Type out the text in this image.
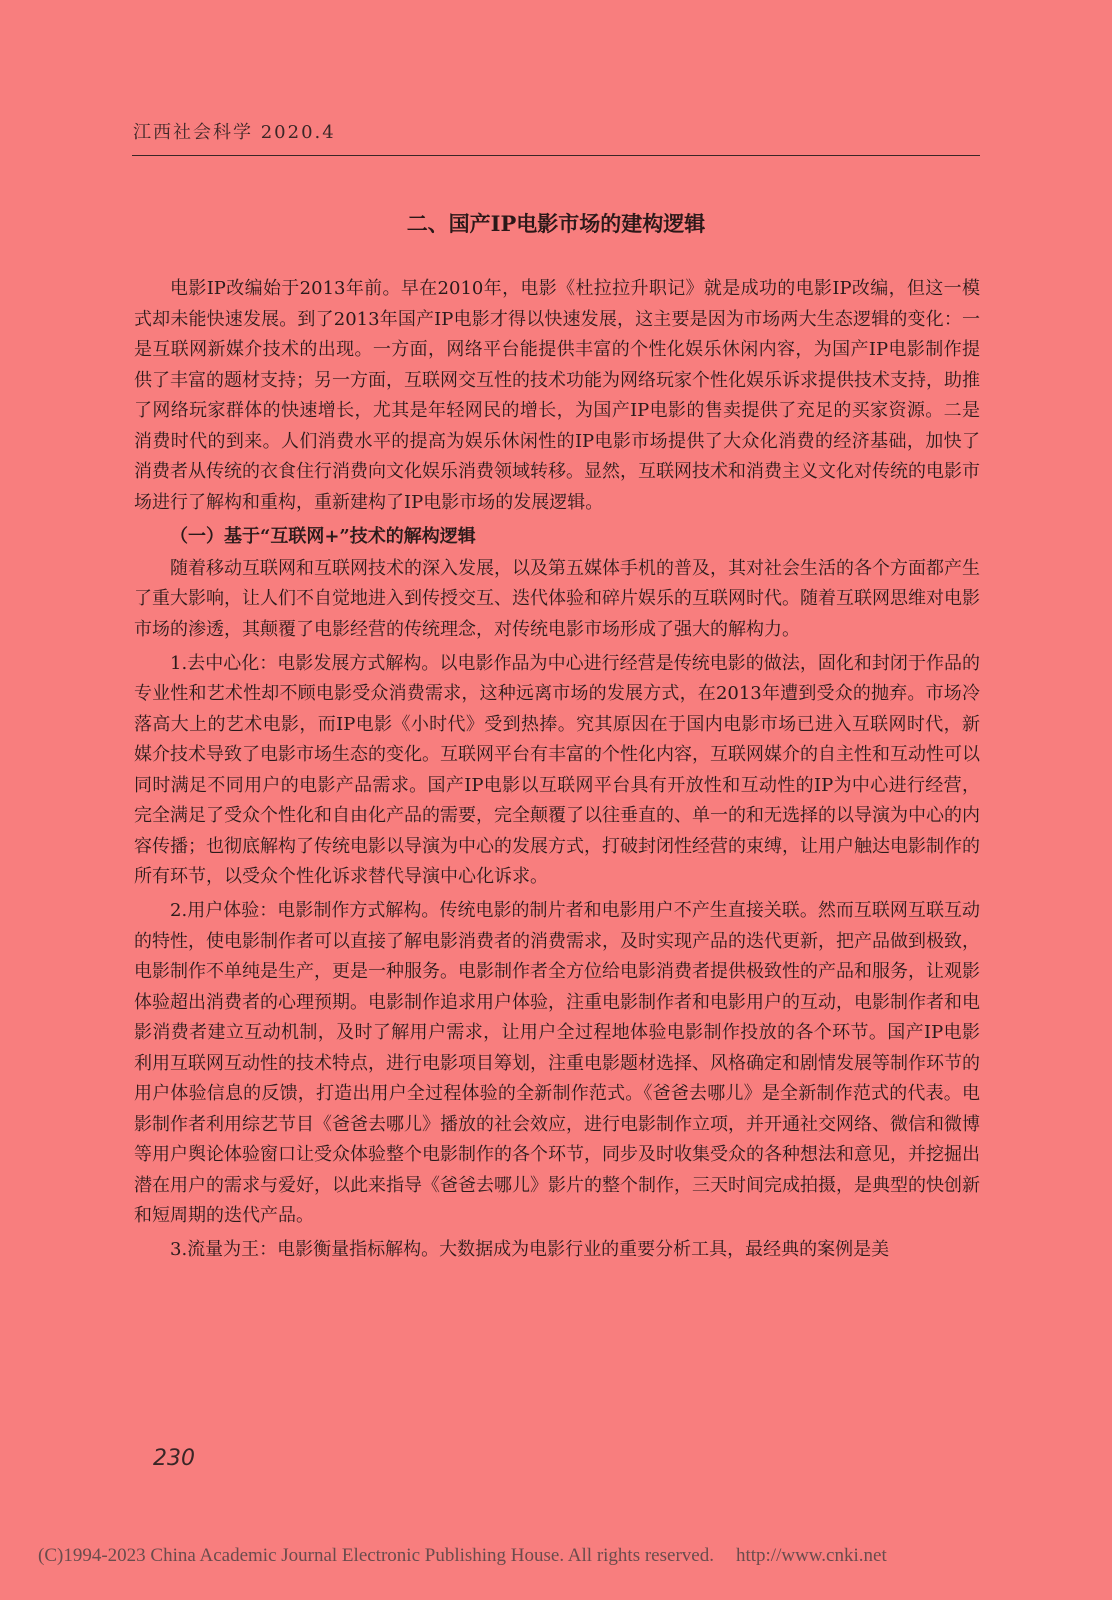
江西社会科学 2020.4
二、国产IP电影市场的建构逻辑

电影IP改编始于2013年前。早在2010年，电影《杜拉拉升职记》就是成功的电影IP改编，但这一模式却未能快速发展。到了2013年国产IP电影才得以快速发展，这主要是因为市场两大生态逻辑的变化：一是互联网新媒介技术的出现。一方面，网络平台能提供丰富的个性化娱乐休闲内容，为国产IP电影制作提供了丰富的题材支持；另一方面，互联网交互性的技术功能为网络玩家个性化娱乐诉求提供技术支持，助推了网络玩家群体的快速增长，尤其是年轻网民的增长，为国产IP电影的售卖提供了充足的买家资源。二是消费时代的到来。人们消费水平的提高为娱乐休闲性的IP电影市场提供了大众化消费的经济基础，加快了消费者从传统的衣食住行消费向文化娱乐消费领域转移。显然，互联网技术和消费主义文化对传统的电影市场进行了解构和重构，重新建构了IP电影市场的发展逻辑。

（一）基于“互联网+”技术的解构逻辑

随着移动互联网和互联网技术的深入发展，以及第五媒体手机的普及，其对社会生活的各个方面都产生了重大影响，让人们不自觉地进入到传授交互、迭代体验和碎片娱乐的互联网时代。随着互联网思维对电影市场的渗透，其颠覆了电影经营的传统理念，对传统电影市场形成了强大的解构力。

1.去中心化：电影发展方式解构。以电影作品为中心进行经营是传统电影的做法，固化和封闭于作品的专业性和艺术性却不顾电影受众消费需求，这种远离市场的发展方式，在2013年遭到受众的抛弃。市场冷落高大上的艺术电影，而IP电影《小时代》受到热捧。究其原因在于国内电影市场已进入互联网时代，新媒介技术导致了电影市场生态的变化。互联网平台有丰富的个性化内容，互联网媒介的自主性和互动性可以同时满足不同用户的电影产品需求。国产IP电影以互联网平台具有开放性和互动性的IP为中心进行经营，完全满足了受众个性化和自由化产品的需要，完全颠覆了以往垂直的、单一的和无选择的以导演为中心的内容传播；也彻底解构了传统电影以导演为中心的发展方式，打破封闭性经营的束缚，让用户触达电影制作的所有环节，以受众个性化诉求替代导演中心化诉求。

2.用户体验：电影制作方式解构。传统电影的制片者和电影用户不产生直接关联。然而互联网互联互动的特性，使电影制作者可以直接了解电影消费者的消费需求，及时实现产品的迭代更新，把产品做到极致，电影制作不单纯是生产，更是一种服务。电影制作者全方位给电影消费者提供极致性的产品和服务，让观影体验超出消费者的心理预期。电影制作追求用户体验，注重电影制作者和电影用户的互动，电影制作者和电影消费者建立互动机制，及时了解用户需求，让用户全过程地体验电影制作投放的各个环节。国产IP电影利用互联网互动性的技术特点，进行电影项目筹划，注重电影题材选择、风格确定和剧情发展等制作环节的用户体验信息的反馈，打造出用户全过程体验的全新制作范式。《爸爸去哪儿》是全新制作范式的代表。电影制作者利用综艺节目《爸爸去哪儿》播放的社会效应，进行电影制作立项，并开通社交网络、微信和微博等用户舆论体验窗口让受众体验整个电影制作的各个环节，同步及时收集受众的各种想法和意见，并挖掘出潜在用户的需求与爱好，以此来指导《爸爸去哪儿》影片的整个制作，三天时间完成拍摄，是典型的快创新和短周期的迭代产品。

3.流量为王：电影衡量指标解构。大数据成为电影行业的重要分析工具，最经典的案例是美

230
(C)1994-2023 China Academic Journal Electronic Publishing House. All rights reserved. http://www.cnki.net
